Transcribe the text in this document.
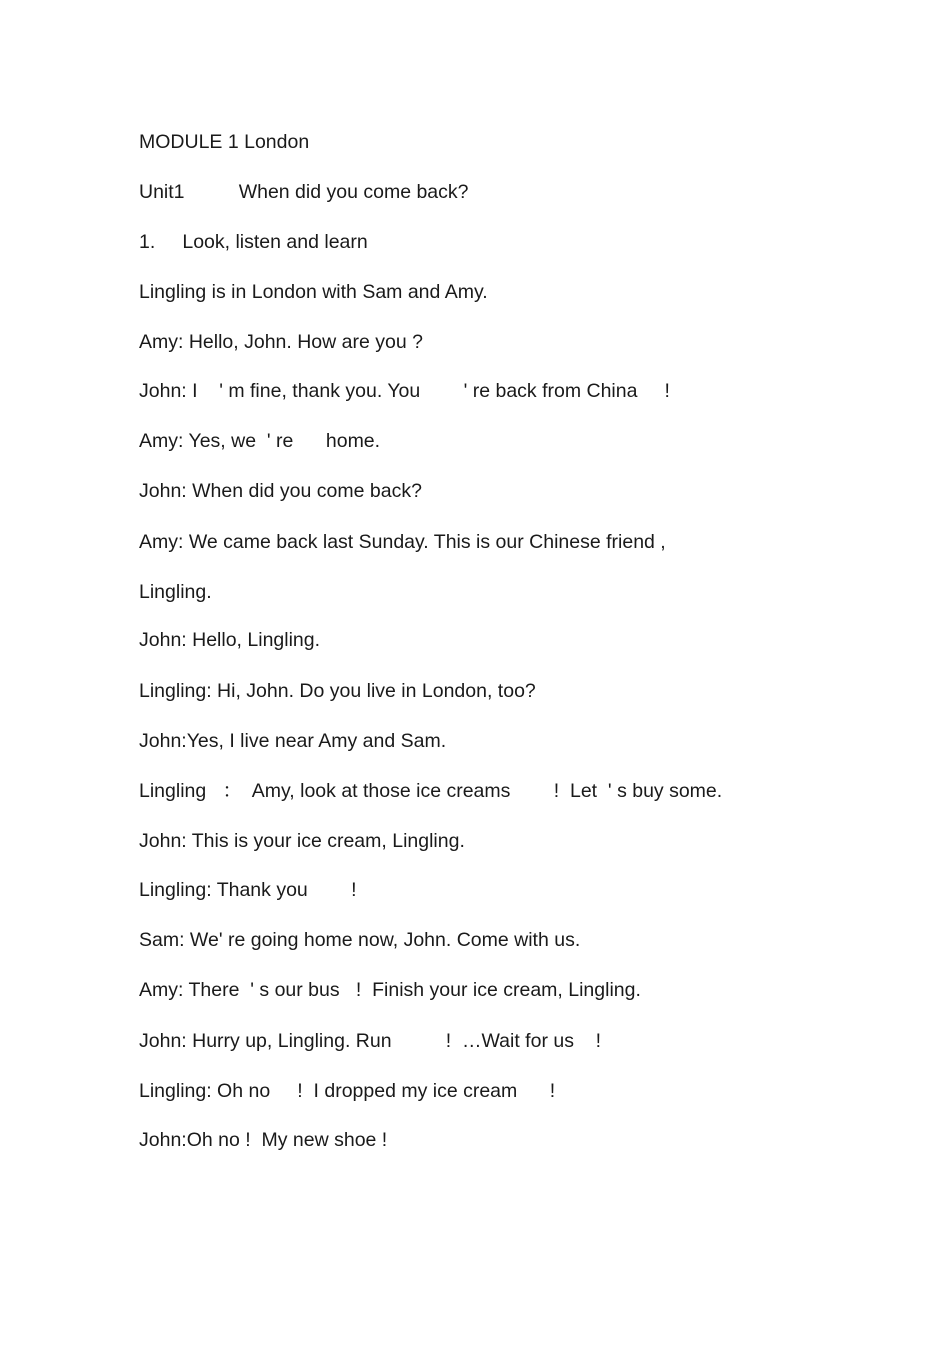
MODULE 1 London
Unit1          When did you come back?
1.     Look, listen and learn
Lingling is in London with Sam and Amy.
Amy: Hello, John. How are you ?
John: I    ' m fine, thank you. You        ' re back from China     !
Amy: Yes, we  ' re      home.
John: When did you come back?
Amy: We came back last Sunday. This is our Chinese friend ,
Lingling.
John: Hello, Lingling.
Lingling: Hi, John. Do you live in London, too?
John:Yes, I live near Amy and Sam.
Lingling   ：  Amy, look at those ice creams        !  Let  ' s buy some.
John: This is your ice cream, Lingling.
Lingling: Thank you        !
Sam: We' re going home now, John. Come with us.
Amy: There  ' s our bus   !  Finish your ice cream, Lingling.
John: Hurry up, Lingling. Run          !  …Wait for us    !
Lingling: Oh no     !  I dropped my ice cream      !
John:Oh no !  My new shoe !
